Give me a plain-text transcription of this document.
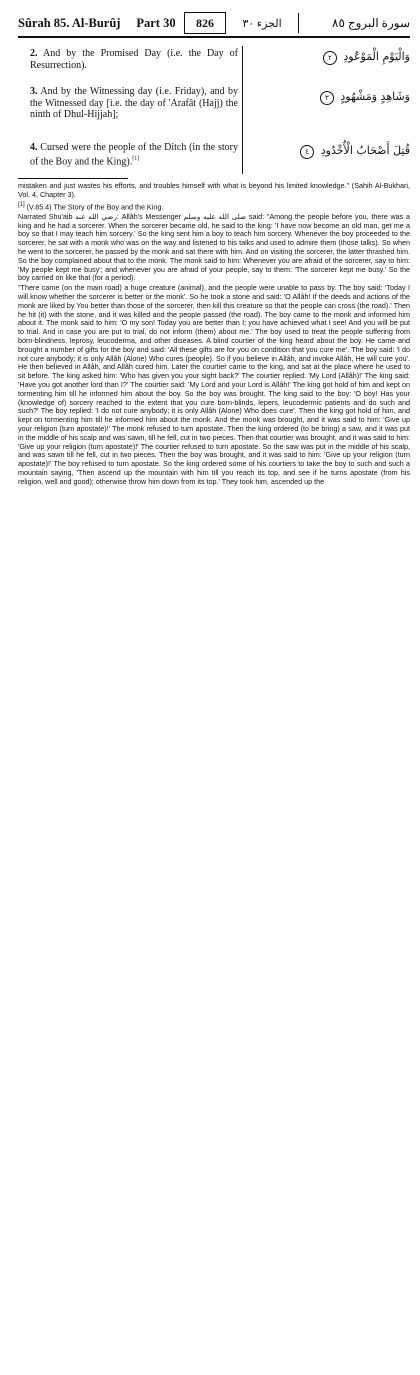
Sûrah 85. Al-Burûj	Part 30	826	الجزء ٣٠	سورة البروج ٨٥
2. And by the Promised Day (i.e. the Day of Resurrection).
وَالْيَوْمِ الْمَوْعُودِ ٢
3. And by the Witnessing day (i.e. Friday), and by the Witnessed day [i.e. the day of 'Arafât (Hajj) the ninth of Dhul-Hijjah];
وَشَاهِدٍ وَمَشْهُودٍ ٣
4. Cursed were the people of the Ditch (in the story of the Boy and the King).[1]
قُتِلَ أَصْحَابُ الْأُخْدُودِ ٤

mistaken and just wastes his efforts, and troubles himself with what is beyond his limited knowledge." (Sahih Al-Bukhari, Vol. 4, Chapter 3).

[1] (V.85:4) The Story of the Boy and the King.

Narrated Shu'aib رضي الله عنه: Allâh's Messenger صلى الله عليه وسلم said: "Among the people before you, there was a king and he had a sorcerer. When the sorcerer became old, he said to the king: 'I have now become an old man, get me a boy so that I may teach him sorcery.' So the king sent him a boy to teach him sorcery. Whenever the boy proceeded to the sorcerer, he sat with a monk who was on the way and listened to his talks and used to admire them (those talks). So when he went to the sorcerer, he passed by the monk and sat there with him. And on visiting the sorcerer, the latter thrashed him. So the boy complained about that to the monk. The monk said to him: Whenever you are afraid of the sorcerer, say to him: 'My people kept me busy'; and whenever you are afraid of your people, say to them: 'The sorcerer kept me busy.' So the boy carried on like that (for a period).

"There came (on the main road) a huge creature (animal), and the people were unable to pass by. The boy said: 'Today I will know whether the sorcerer is better or the monk'. So he took a stone and said: 'O Allâh! If the deeds and actions of the monk are liked by You better than those of the sorcerer, then kill this creature so that the people can cross (the road).' Then he hit (it) with the stone, and it was killed and the people passed (the road). The boy came to the monk and informed him about it. The monk said to him: 'O my son! Today you are better than I; you have achieved what I see! And you will be put to trial. And in case you are put to trial, do not inform (them) about me.' The boy used to treat the people suffering from born-blindness, leprosy, leucoderma, and other diseases. A blind courtier of the king heard about the boy. He came and brought a number of gifts for the boy and said: 'All these gifts are for you on condition that you cure me'. The boy said: 'I do not cure anybody; it is only Allâh (Alone) Who cures (people). So if you believe in Allâh, and invoke Allâh, He will cure you'. He then believed in Allâh, and Allâh cured him. Later the courtier came to the king, and sat at the place where he used to sit before. The king asked him: 'Who has given you your sight back?' The courtier replied: 'My Lord (Allâh)!' The king said: 'Have you got another lord than I?' The courtier said: 'My Lord and your Lord is Allâh!' The king got hold of him and kept on tormenting him till he informed him about the boy. So the boy was brought. The king said to the boy: 'O boy! Has your (knowledge of) sorcery reached to the extent that you cure born-blinds, lepers, leucodermic patients and do such and such?' The boy replied: 'I do not cure anybody; it is only Allâh (Alone) Who does cure'. Then the king got hold of him, and kept on tormenting him till he informed him about the monk. And the monk was brought, and it was said to him: 'Give up your religion (turn apostate)!' The monk refused to turn apostate. Then the king ordered (to be bring) a saw, and it was put in the middle of his scalp and was sawn, till he fell, cut in two pieces. Then that courtier was brought, and it was said to him: 'Give up your religion (turn apostate)!' The courtier refused to turn apostate. So the saw was put in the middle of his scalp, and was sawn till he fell, cut in two pieces. Then the boy was brought, and it was said to him: 'Give up your religion (turn apostate)!' The boy refused to turn apostate. So the king ordered some of his courtiers to take the boy to such and such a mountain saying, 'Then ascend up the mountain with him till you reach its top, and see if he turns apostate (from his religion, well and good); otherwise throw him down from its top.' They took him, ascended up the
